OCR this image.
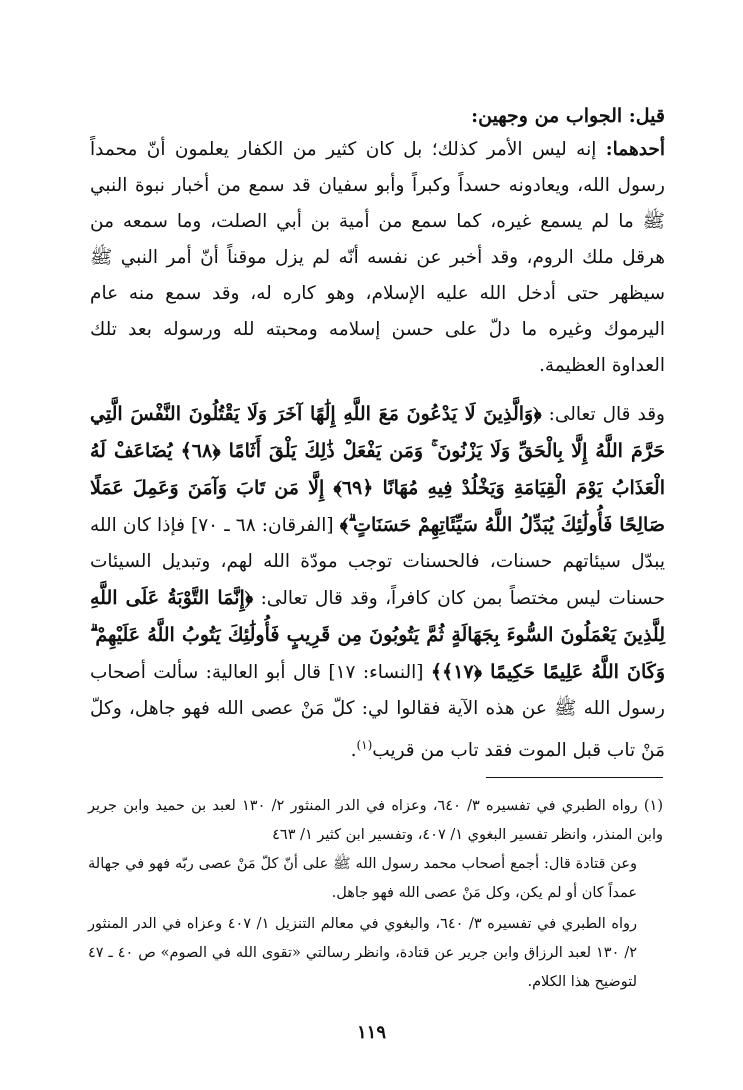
قيل: الجواب من وجهين:

أحدهما: إنه ليس الأمر كذلك؛ بل كان كثير من الكفار يعلمون أنّ محمداً رسول الله، ويعادونه حسداً وكبراً وأبو سفيان قد سمع من أخبار نبوة النبي ﷺ ما لم يسمع غيره، كما سمع من أمية بن أبي الصلت، وما سمعه من هرقل ملك الروم، وقد أخبر عن نفسه أنّه لم يزل موقناً أنّ أمر النبي ﷺ سيظهر حتى أدخل الله عليه الإسلام، وهو كاره له، وقد سمع منه عام اليرموك وغيره ما دلّ على حسن إسلامه ومحبته لله ورسوله بعد تلك العداوة العظيمة.

وقد قال تعالى: ﴿وَالَّذِينَ لَا يَدْعُونَ مَعَ اللَّهِ إِلَٰهًا آخَرَ وَلَا يَقْتُلُونَ النَّفْسَ الَّتِي حَرَّمَ اللَّهُ إِلَّا بِالْحَقِّ وَلَا يَزْنُونَ ۚ وَمَن يَفْعَلْ ذَٰلِكَ يَلْقَ أَثَامًا ﴿٦٨﴾ يُضَاعَفْ لَهُ الْعَذَابُ يَوْمَ الْقِيَامَةِ وَيَخْلُدْ فِيهِ مُهَانًا ﴿٦٩﴾ إِلَّا مَن تَابَ وَآمَنَ وَعَمِلَ عَمَلًا صَالِحًا فَأُولَٰئِكَ يُبَدِّلُ اللَّهُ سَيِّئَاتِهِمْ حَسَنَاتٍ ۗ﴾ [الفرقان: ٦٨ ـ ٧٠] فإذا كان الله يبدّل سيئاتهم حسنات، فالحسنات توجب مودّة الله لهم، وتبديل السيئات حسنات ليس مختصاً بمن كان كافراً، وقد قال تعالى: ﴿إِنَّمَا التَّوْبَةُ عَلَى اللَّهِ لِلَّذِينَ يَعْمَلُونَ السُّوءَ بِجَهَالَةٍ ثُمَّ يَتُوبُونَ مِن قَرِيبٍ فَأُولَٰئِكَ يَتُوبُ اللَّهُ عَلَيْهِمْ ۗ وَكَانَ اللَّهُ عَلِيمًا حَكِيمًا ﴿١٧﴾﴾ [النساء: ١٧] قال أبو العالية: سألت أصحاب رسول الله ﷺ عن هذه الآية فقالوا لي: كلّ مَنْ عصى الله فهو جاهل، وكلّ مَنْ تاب قبل الموت فقد تاب من قريب$^{(١)}$.

(١) رواه الطبري في تفسيره ٣/ ٦٤٠، وعزاه في الدر المنثور ٢/ ١٣٠ لعبد بن حميد وابن جرير وابن المنذر، وانظر تفسير البغوي ١/ ٤٠٧، وتفسير ابن كثير ١/ ٤٦٣

وعن قتادة قال: أجمع أصحاب محمد رسول الله ﷺ على أنّ كلّ مَنْ عصى ربّه فهو في جهالة عمداً كان أو لم يكن، وكل مَنْ عصى الله فهو جاهل.

رواه الطبري في تفسيره ٣/ ٦٤٠، والبغوي في معالم التنزيل ١/ ٤٠٧ وعزاه في الدر المنثور ٢/ ١٣٠ لعبد الرزاق وابن جرير عن قتادة، وانظر رسالتي «تقوى الله في الصوم» ص ٤٠ ـ ٤٧ لتوضيح هذا الكلام.

١١٩
